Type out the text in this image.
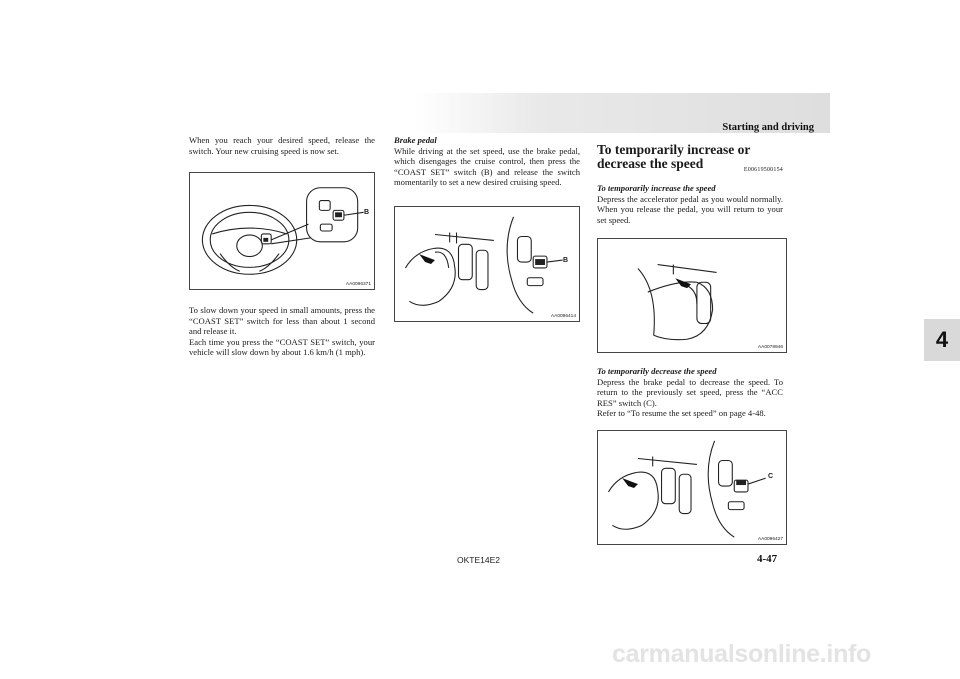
Starting and driving
4

When you reach your desired speed, release the switch. Your new cruising speed is now set.

B
AA0096371

To slow down your speed in small amounts, press the “COAST SET” switch for less than about 1 second and release it.

Each time you press the “COAST SET” switch, your vehicle will slow down by about 1.6 km/h (1 mph).

Brake pedal

While driving at the set speed, use the brake pedal, which disengages the cruise control, then press the “COAST SET” switch (B) and release the switch momentarily to set a new desired cruising speed.

B
AA0096414
To temporarily increase or decrease the speed	E00619500154

To temporarily increase the speed

Depress the accelerator pedal as you would normally. When you release the pedal, you will return to your set speed.

AA0078946

To temporarily decrease the speed

Depress the brake pedal to decrease the speed. To return to the previously set speed, press the “ACC RES” switch (C).

Refer to “To resume the set speed” on page 4-48.

C
AA0096427
OKTE14E2	4-47
carmanualsonline.info
